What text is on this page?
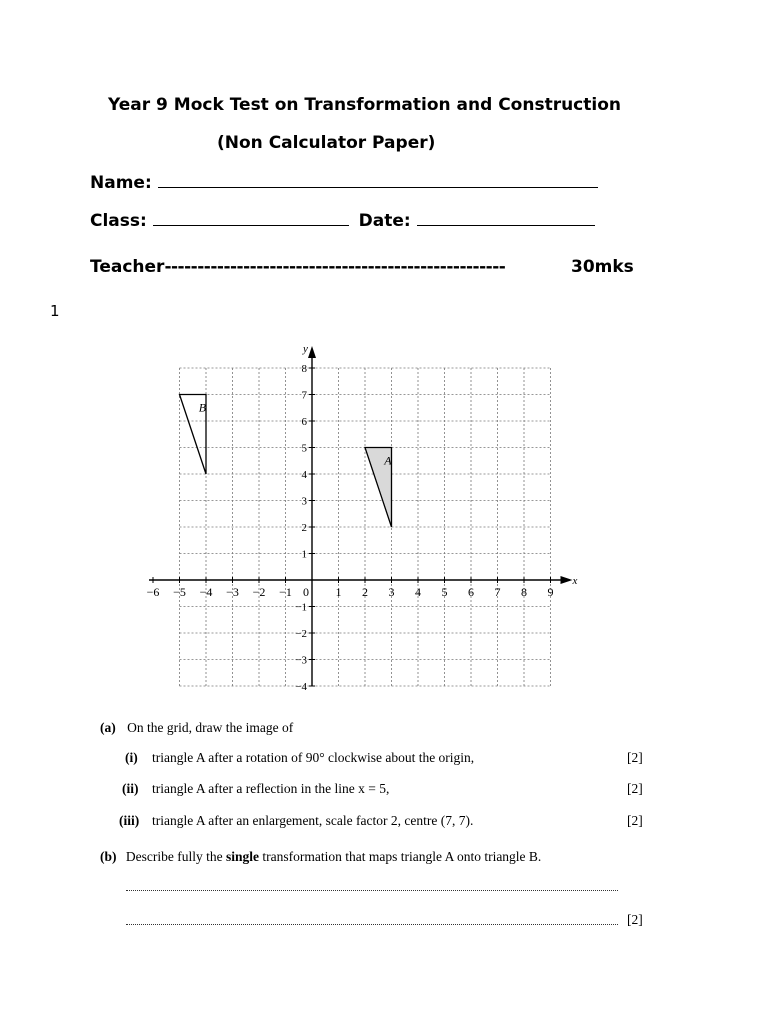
Year 9 Mock Test on Transformation and Construction
(Non Calculator Paper)
Name:
Class:	Date:
Teacher----------------------------------------------------	30mks
1
x
y
−6 −5 −4 −3 −2 −1	1 2 3 4 5 6 7 8 9
0
−4
−3
−2
−1
1
2
3
4
5
6
7
8
A
B
(a) On the grid, draw the image of
(i) triangle A after a rotation of 90° clockwise about the origin,	[2]
(ii) triangle A after a reflection in the line x = 5,	[2]
(iii) triangle A after an enlargement, scale factor 2, centre (7, 7).	[2]
(b) Describe fully the single transformation that maps triangle A onto triangle B.
[2]
